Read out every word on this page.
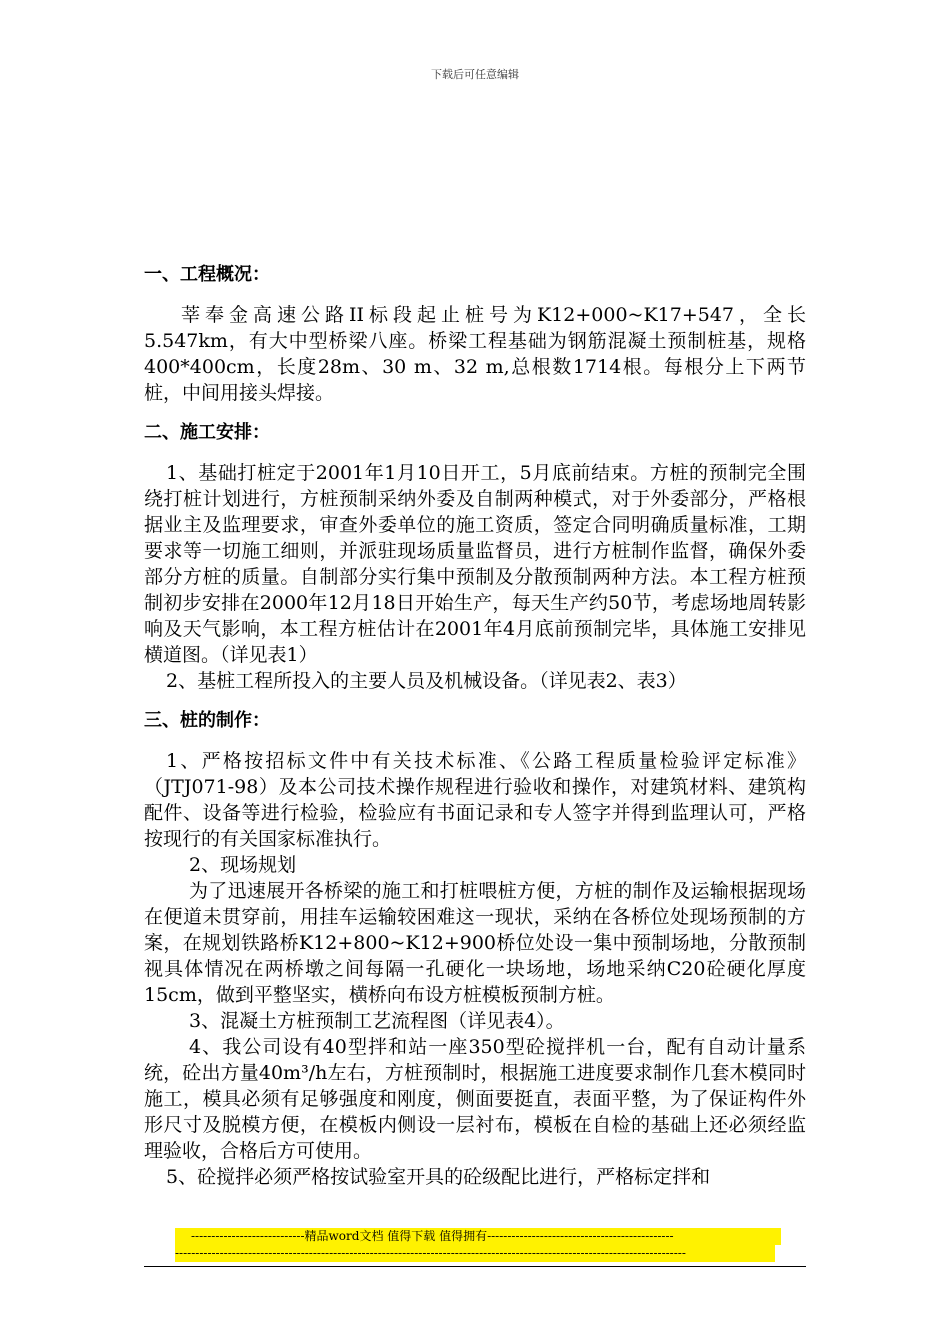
下载后可任意编辑
一、工程概况：

莘奉金高速公路II标段起止桩号为K12+000~K17+547，全长5.547km，有大中型桥梁八座。桥梁工程基础为钢筋混凝土预制桩基，规格400*400cm，长度28m、30 m、32 m,总根数1714根。每根分上下两节桩，中间用接头焊接。

二、施工安排：

1、基础打桩定于2001年1月10日开工，5月底前结束。方桩的预制完全围绕打桩计划进行，方桩预制采纳外委及自制两种模式，对于外委部分，严格根据业主及监理要求，审查外委单位的施工资质，签定合同明确质量标准，工期要求等一切施工细则，并派驻现场质量监督员，进行方桩制作监督，确保外委部分方桩的质量。自制部分实行集中预制及分散预制两种方法。本工程方桩预制初步安排在2000年12月18日开始生产，每天生产约50节，考虑场地周转影响及天气影响，本工程方桩估计在2001年4月底前预制完毕，具体施工安排见横道图。（详见表1）

2、基桩工程所投入的主要人员及机械设备。（详见表2、表3）

三、桩的制作：

1、严格按招标文件中有关技术标准、《公路工程质量检验评定标准》（JTJ071-98）及本公司技术操作规程进行验收和操作，对建筑材料、建筑构配件、设备等进行检验，检验应有书面记录和专人签字并得到监理认可，严格按现行的有关国家标准执行。

2、现场规划

为了迅速展开各桥梁的施工和打桩喂桩方便，方桩的制作及运输根据现场在便道未贯穿前，用挂车运输较困难这一现状，采纳在各桥位处现场预制的方案，在规划铁路桥K12+800~K12+900桥位处设一集中预制场地，分散预制视具体情况在两桥墩之间每隔一孔硬化一块场地，场地采纳C20砼硬化厚度15cm，做到平整坚实，横桥向布设方桩模板预制方桩。

3、混凝土方桩预制工艺流程图（详见表4）。

4、我公司设有40型拌和站一座350型砼搅拌机一台，配有自动计量系统，砼出方量40m³/h左右，方桩预制时，根据施工进度要求制作几套木模同时施工，模具必须有足够强度和刚度，侧面要挺直，表面平整，为了保证构件外形尺寸及脱模方便，在模板内侧设一层衬布，模板在自检的基础上还必须经监理验收，合格后方可使用。

5、砼搅拌必须严格按试验室开具的砼级配比进行，严格标定拌和

----------------------------精品word文档 值得下载 值得拥有----------------------------------------------
------------------------------------------------------------------------------------------------------------------------------
